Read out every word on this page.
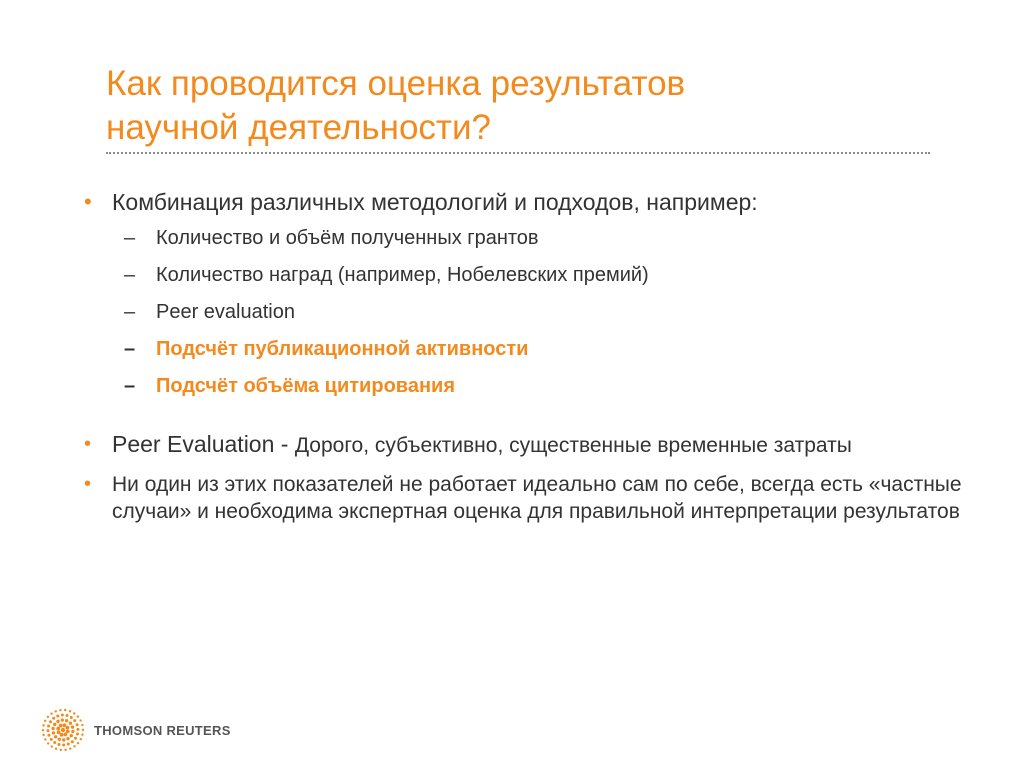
Как проводится оценка результатов
научной деятельности?
• Комбинация различных методологий и подходов, например:
– Количество и объём полученных грантов
– Количество наград (например, Нобелевских премий)
– Peer evaluation
– Подсчёт публикационной активности
– Подсчёт объёма цитирования
• Peer Evaluation - Дорого, субъективно, существенные временные затраты
• Ни один из этих показателей не работает идеально сам по себе, всегда есть «частные случаи» и необходима экспертная оценка для правильной интерпретации результатов
THOMSON REUTERS
